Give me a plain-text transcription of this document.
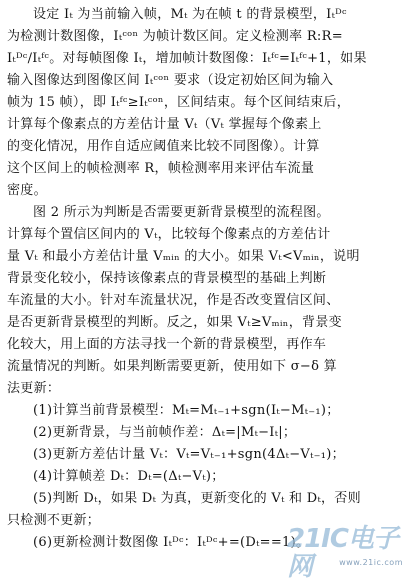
设定 Iₜ 为当前输入帧，Mₜ 为在帧 t 的背景模型，Iₜᴰᶜ
为检测计数图像，Iₜᶜᵒⁿ 为帧计数区间。定义检测率 R:R=
Iₜᴰᶜ/Iₜᶠᶜ。对每帧图像 Iₜ，增加帧计数图像：Iₜᶠᶜ=Iₜᶠᶜ+1，如果
输入图像达到图像区间 Iₜᶜᵒⁿ 要求（设定初始区间为输入
帧为 15 帧），即 Iₜᶠᶜ≥Iₜᶜᵒⁿ，区间结束。每个区间结束后，
计算每个像素点的方差估计量 Vₜ（Vₜ 掌握每个像素上
的变化情况，用作自适应阈值来比较不同图像）。计算
这个区间上的帧检测率 R，帧检测率用来评估车流量
密度。
图 2 所示为判断是否需要更新背景模型的流程图。
计算每个置信区间内的 Vₜ，比较每个像素点的方差估计
量 Vₜ 和最小方差估计量 Vₘᵢₙ 的大小。如果 Vₜ<Vₘᵢₙ，说明
背景变化较小，保持该像素点的背景模型的基础上判断
车流量的大小。针对车流量状况，作是否改变置信区间、
是否更新背景模型的判断。反之，如果 Vₜ≥Vₘᵢₙ，背景变
化较大，用上面的方法寻找一个新的背景模型，再作车
流量情况的判断。如果判断需要更新，使用如下 σ−δ 算
法更新：
(1)计算当前背景模型：Mₜ=Mₜ₋₁+sgn(Iₜ−Mₜ₋₁)；
(2)更新背景，与当前帧作差：Δₜ=|Mₜ−Iₜ|；
(3)更新方差估计量 Vₜ：Vₜ=Vₜ₋₁+sgn(4Δₜ−Vₜ₋₁)；
(4)计算帧差 Dₜ：Dₜ=(Δₜ−Vₜ)；
(5)判断 Dₜ，如果 Dₜ 为真，更新变化的 Vₜ 和 Dₜ，否则
只检测不更新；
(6)更新检测计数图像 Iₜᴰᶜ：Iₜᴰᶜ+=(Dₜ==1)。
21IC电子网	www.21ic.com
